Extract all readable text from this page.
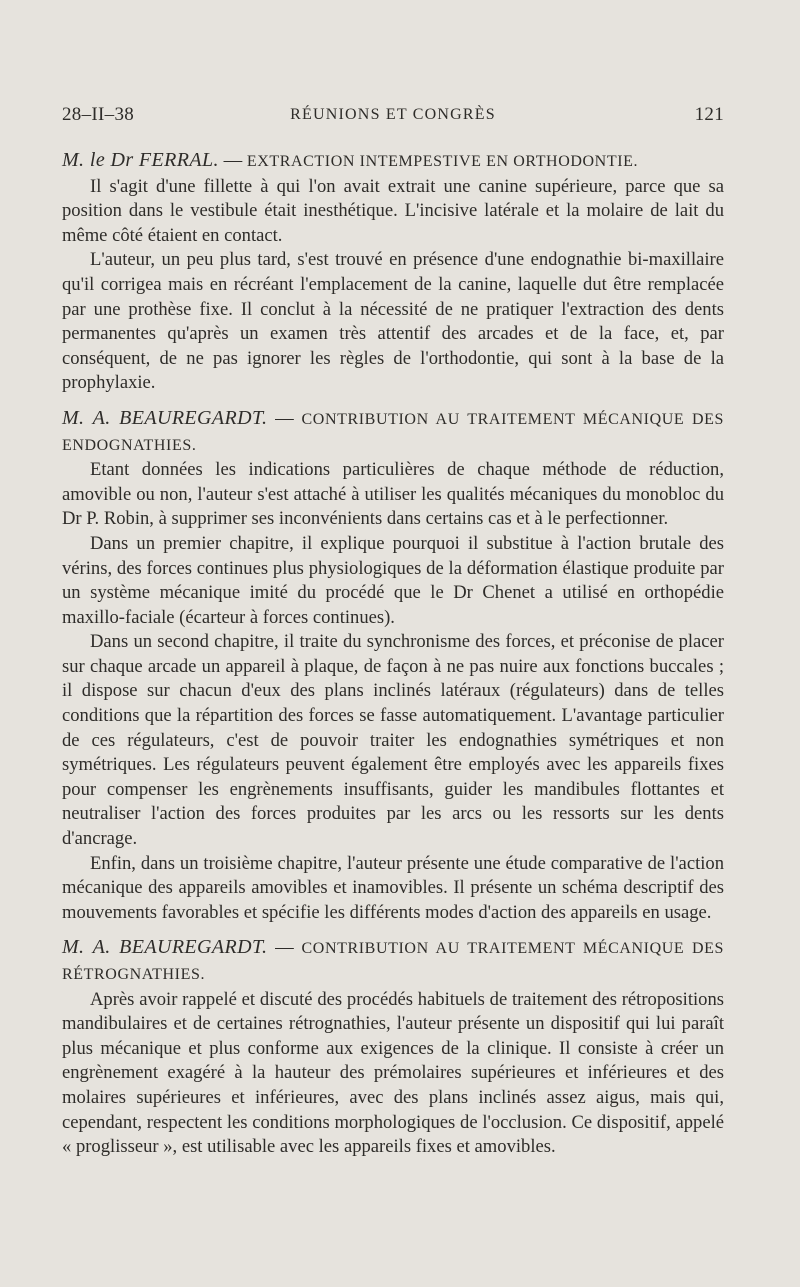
28–II–38	RÉUNIONS ET CONGRÈS	121

M. le Dr FERRAL. — EXTRACTION INTEMPESTIVE EN ORTHODONTIE.

Il s'agit d'une fillette à qui l'on avait extrait une canine supérieure, parce que sa position dans le vestibule était inesthétique. L'incisive latérale et la molaire de lait du même côté étaient en contact.

L'auteur, un peu plus tard, s'est trouvé en présence d'une endognathie bi-maxillaire qu'il corrigea mais en récréant l'emplacement de la canine, laquelle dut être remplacée par une prothèse fixe. Il conclut à la nécessité de ne pratiquer l'extraction des dents permanentes qu'après un examen très attentif des arcades et de la face, et, par conséquent, de ne pas ignorer les règles de l'orthodontie, qui sont à la base de la prophylaxie.

M. A. BEAUREGARDT. — CONTRIBUTION AU TRAITEMENT MÉCANIQUE DES ENDOGNATHIES.

Etant données les indications particulières de chaque méthode de réduction, amovible ou non, l'auteur s'est attaché à utiliser les qualités mécaniques du monobloc du Dr P. Robin, à supprimer ses inconvénients dans certains cas et à le perfectionner.

Dans un premier chapitre, il explique pourquoi il substitue à l'action brutale des vérins, des forces continues plus physiologiques de la déformation élastique produite par un système mécanique imité du procédé que le Dr Chenet a utilisé en orthopédie maxillo-faciale (écarteur à forces continues).

Dans un second chapitre, il traite du synchronisme des forces, et préconise de placer sur chaque arcade un appareil à plaque, de façon à ne pas nuire aux fonctions buccales ; il dispose sur chacun d'eux des plans inclinés latéraux (régulateurs) dans de telles conditions que la répartition des forces se fasse automatiquement. L'avantage particulier de ces régulateurs, c'est de pouvoir traiter les endognathies symétriques et non symétriques. Les régulateurs peuvent également être employés avec les appareils fixes pour compenser les engrènements insuffisants, guider les mandibules flottantes et neutraliser l'action des forces produites par les arcs ou les ressorts sur les dents d'ancrage.

Enfin, dans un troisième chapitre, l'auteur présente une étude comparative de l'action mécanique des appareils amovibles et inamovibles. Il présente un schéma descriptif des mouvements favorables et spécifie les différents modes d'action des appareils en usage.

M. A. BEAUREGARDT. — CONTRIBUTION AU TRAITEMENT MÉCANIQUE DES RÉTROGNATHIES.

Après avoir rappelé et discuté des procédés habituels de traitement des rétropositions mandibulaires et de certaines rétrognathies, l'auteur présente un dispositif qui lui paraît plus mécanique et plus conforme aux exigences de la clinique. Il consiste à créer un engrènement exagéré à la hauteur des prémolaires supérieures et inférieures et des molaires supérieures et inférieures, avec des plans inclinés assez aigus, mais qui, cependant, respectent les conditions morphologiques de l'occlusion. Ce dispositif, appelé « proglisseur », est utilisable avec les appareils fixes et amovibles.
